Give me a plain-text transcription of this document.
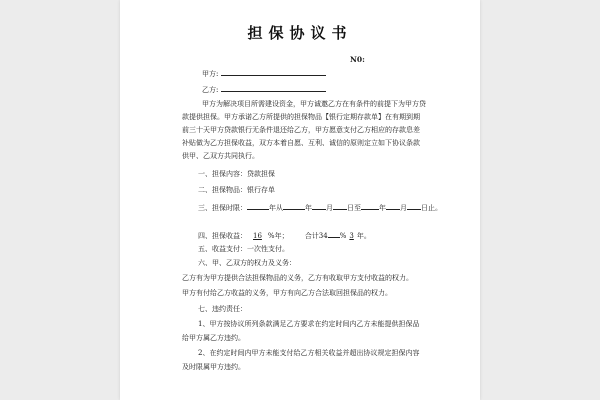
担保协议书
N0:
甲方:
乙方:
甲方为解决项目所需建设资金，甲方诚邀乙方在有条件的前提下为甲方贷
款提供担保。甲方承诺乙方所提供的担保物品【银行定期存款单】在有期到期
前三十天甲方贷款银行无条件退还给乙方，甲方愿意支付乙方相应的存款息差
补贴做为乙方担保收益，双方本着自愿、互利、诚信的原则定立如下协议条款
供甲、乙双方共同执行。
一、担保内容：贷款担保
二、担保物品：银行存单
三、担保时限：	年从	年 月 日至	年 月 日止。
四、担保收益： 16 %年； 合计34 % 3 年。
五、收益支付：一次性支付。
六、甲、乙双方的权力及义务：
乙方有为甲方提供合法担保物品的义务，乙方有收取甲方支付收益的权力。
甲方有付给乙方收益的义务，甲方有向乙方合法取回担保品的权力。
七、违约责任：
1、甲方按协议所列条款满足乙方要求在约定时间内乙方未能提供担保品
给甲方属乙方违约。
2、在约定时间内甲方未能支付给乙方相关收益并超出协议规定担保内容
及时限属甲方违约。
